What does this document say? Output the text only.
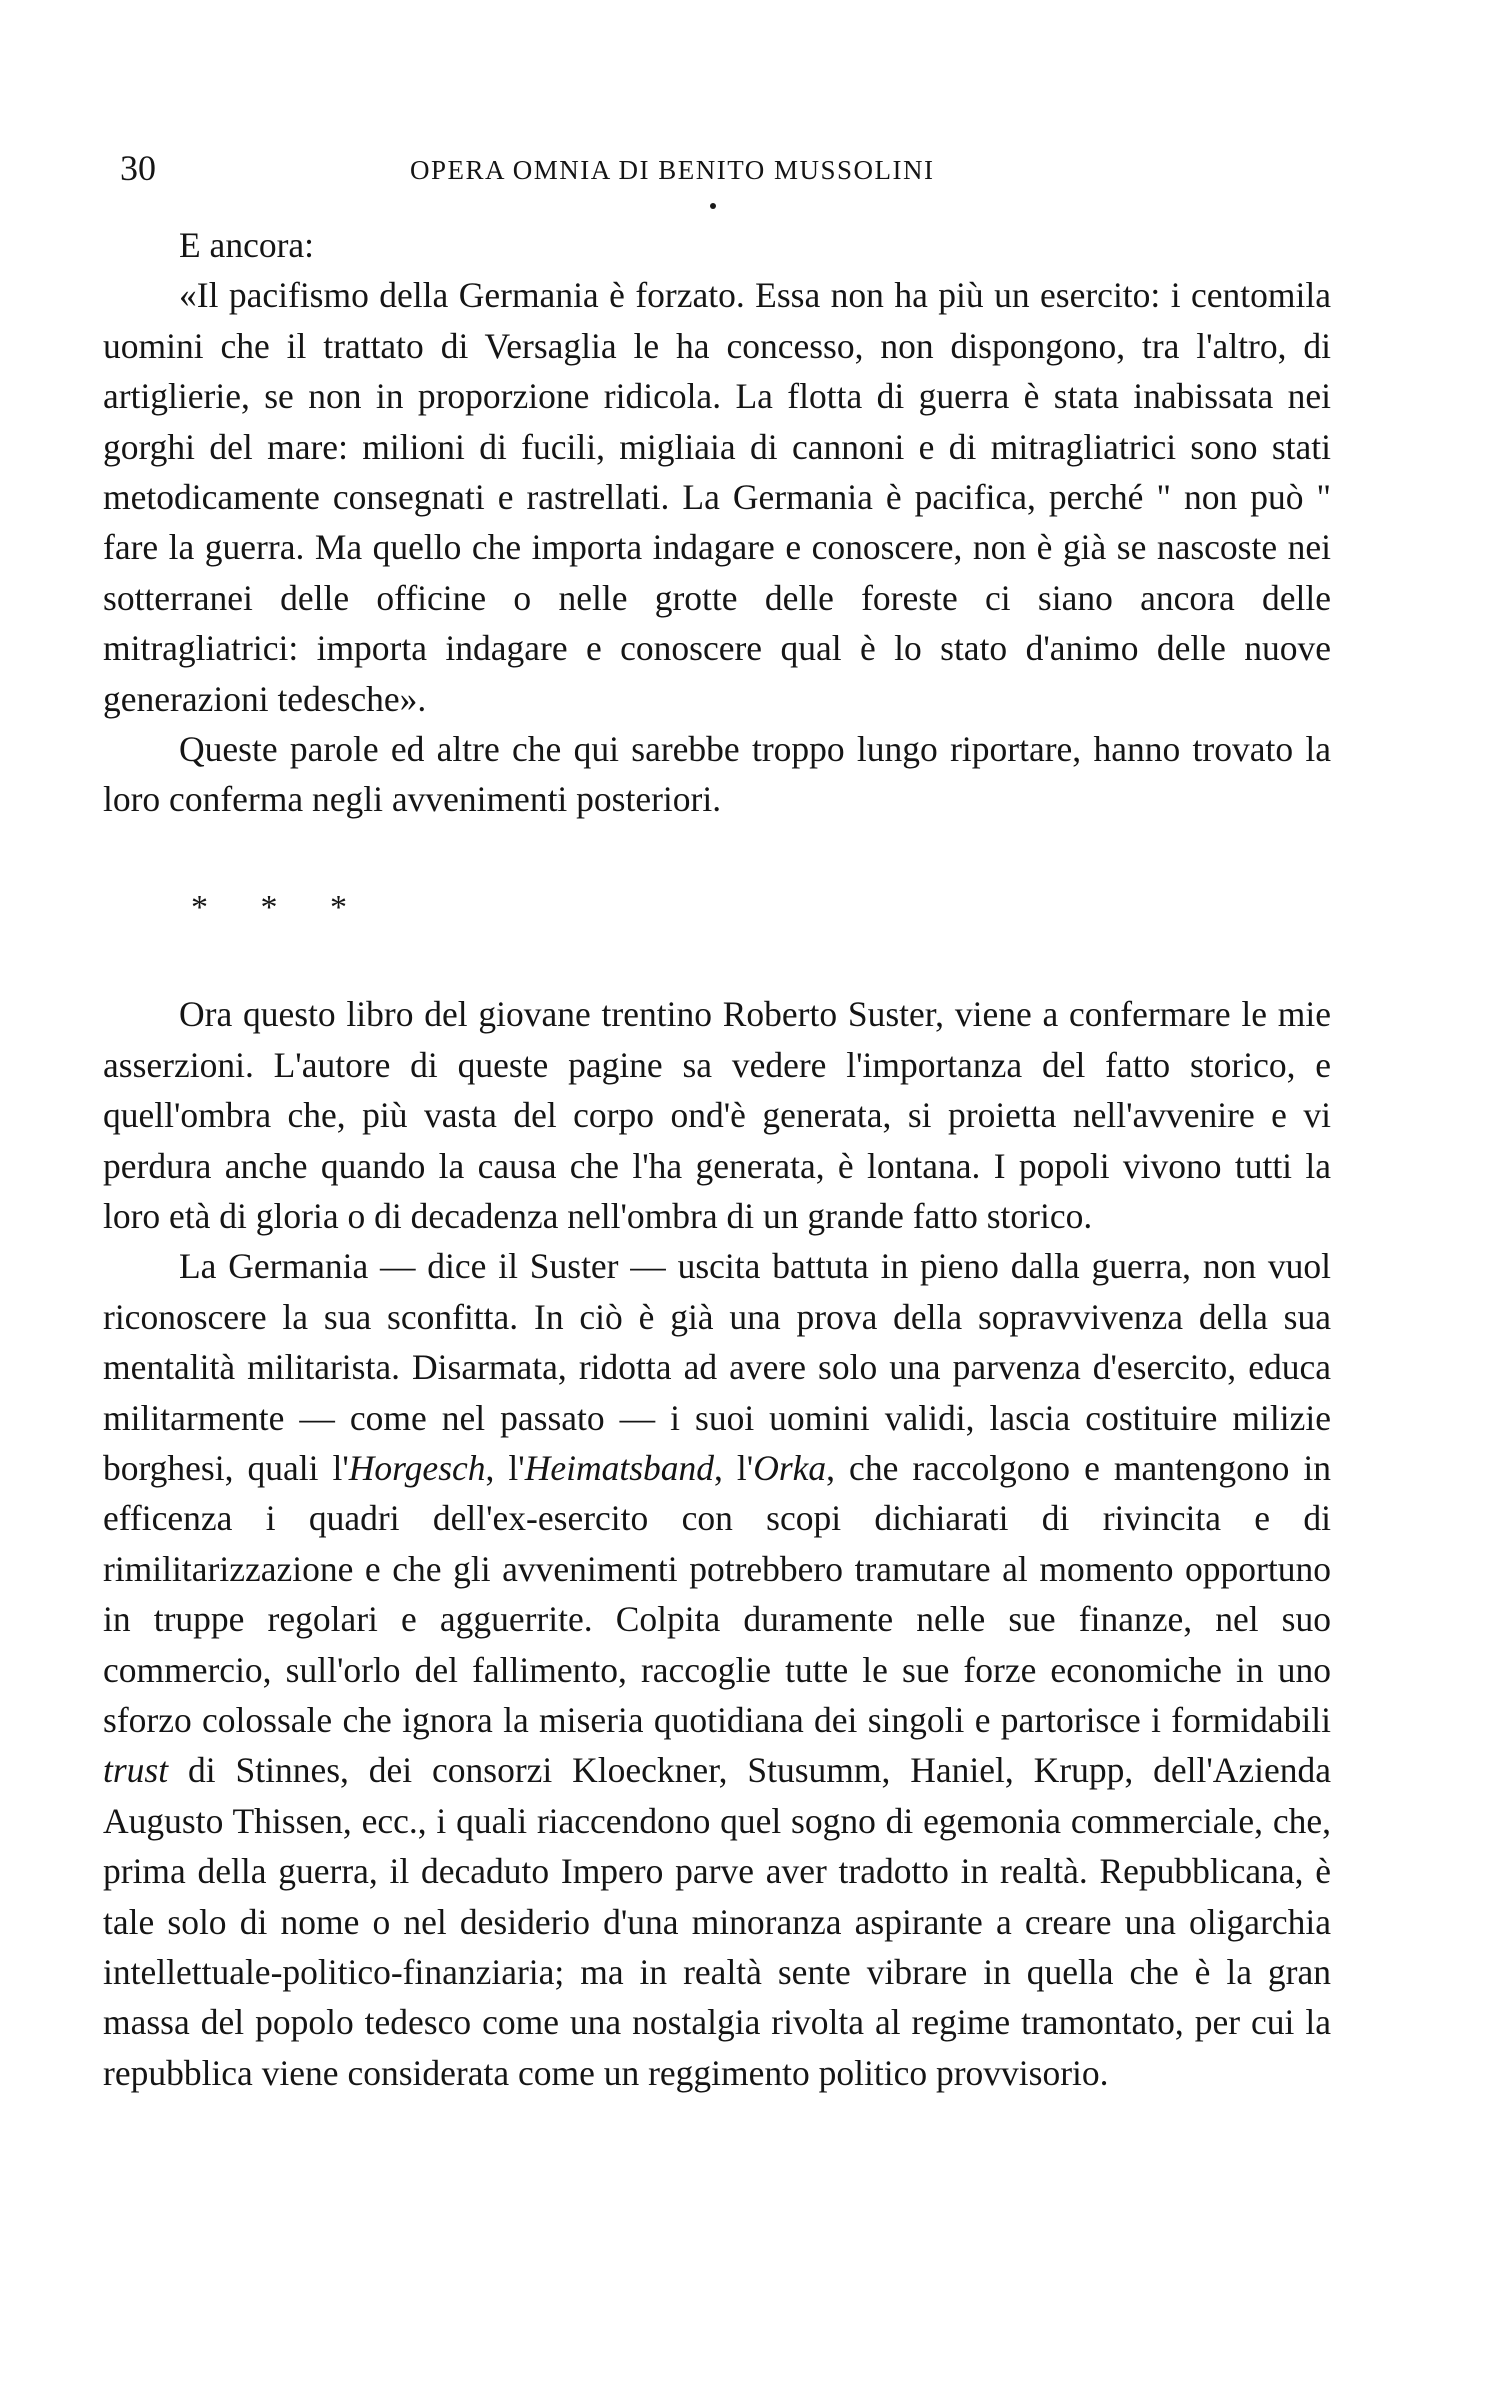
30	OPERA OMNIA DI BENITO MUSSOLINI

E ancora:

«Il pacifismo della Germania è forzato. Essa non ha più un esercito: i centomila uomini che il trattato di Versaglia le ha concesso, non dispongono, tra l'altro, di artiglierie, se non in proporzione ridicola. La flotta di guerra è stata inabissata nei gorghi del mare: milioni di fucili, migliaia di cannoni e di mitragliatrici sono stati metodicamente consegnati e rastrellati. La Germania è pacifica, perché " non può " fare la guerra. Ma quello che importa indagare e conoscere, non è già se nascoste nei sotterranei delle officine o nelle grotte delle foreste ci siano ancora delle mitragliatrici: importa indagare e conoscere qual è lo stato d'animo delle nuove generazioni tedesche».

Queste parole ed altre che qui sarebbe troppo lungo riportare, hanno trovato la loro conferma negli avvenimenti posteriori.

* * *

Ora questo libro del giovane trentino Roberto Suster, viene a confermare le mie asserzioni. L'autore di queste pagine sa vedere l'importanza del fatto storico, e quell'ombra che, più vasta del corpo ond'è generata, si proietta nell'avvenire e vi perdura anche quando la causa che l'ha generata, è lontana. I popoli vivono tutti la loro età di gloria o di decadenza nell'ombra di un grande fatto storico.

La Germania — dice il Suster — uscita battuta in pieno dalla guerra, non vuol riconoscere la sua sconfitta. In ciò è già una prova della sopravvivenza della sua mentalità militarista. Disarmata, ridotta ad avere solo una parvenza d'esercito, educa militarmente — come nel passato — i suoi uomini validi, lascia costituire milizie borghesi, quali l'Horgesch, l'Heimatsband, l'Orka, che raccolgono e mantengono in efficenza i quadri dell'ex-esercito con scopi dichiarati di rivincita e di rimilitarizzazione e che gli avvenimenti potrebbero tramutare al momento opportuno in truppe regolari e agguerrite. Colpita duramente nelle sue finanze, nel suo commercio, sull'orlo del fallimento, raccoglie tutte le sue forze economiche in uno sforzo colossale che ignora la miseria quotidiana dei singoli e partorisce i formidabili trust di Stinnes, dei consorzi Kloeckner, Stusumm, Haniel, Krupp, dell'Azienda Augusto Thissen, ecc., i quali riaccendono quel sogno di egemonia commerciale, che, prima della guerra, il decaduto Impero parve aver tradotto in realtà. Repubblicana, è tale solo di nome o nel desiderio d'una minoranza aspirante a creare una oligarchia intellettuale-politico-finanziaria; ma in realtà sente vibrare in quella che è la gran massa del popolo tedesco come una nostalgia rivolta al regime tramontato, per cui la repubblica viene considerata come un reggimento politico provvisorio.
